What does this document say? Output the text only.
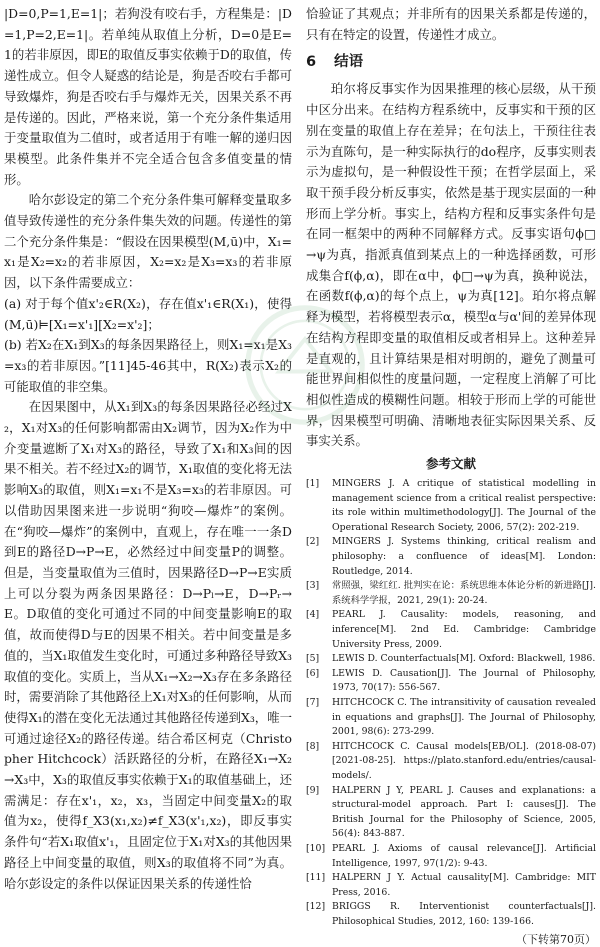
|D=0,P=1,E=1|；若狗没有咬右手，方程集是：|D=1,P=2,E=1|。若单纯从取值上分析，D=0是E=1的若非原因，即E的取值反事实依赖于D的取值，传递性成立。但令人疑惑的结论是，狗是否咬右手都可导致爆炸，狗是否咬右手与爆炸无关，因果关系不再是传递的。因此，严格来说，第一个充分条件集适用于变量取值为二值时，或者适用于有唯一解的递归因果模型。此条件集并不完全适合包含多值变量的情形。

哈尔彭设定的第二个充分条件集可解释变量取多值导致传递性的充分条件集失效的问题。传递性的第二个充分条件集是：“假设在因果模型(M,ū)中，X₁=x₁是X₂=x₂的若非原因，X₂=x₂是X₃=x₃的若非原因，以下条件需要成立：

(a) 对于每个值x'₂∈R(X₂)，存在值x'₁∈R(X₁)，使得(M,ū)⊨[X₁=x'₁][X₂=x'₂]；

(b) 若X₂在X₁到X₃的每条因果路径上，则X₁=x₁是X₃=x₃的若非原因。”[11]45-46其中，R(X₂)表示X₂的可能取值的非空集。

在因果图中，从X₁到X₃的每条因果路径必经过X₂，X₁对X₃的任何影响都需由X₂调节，因为X₂作为中介变量遮断了X₁对X₃的路径，导致了X₁和X₃间的因果不相关。若不经过X₂的调节，X₁取值的变化将无法影响X₃的取值，则X₁=x₁不是X₃=x₃的若非原因。可以借助因果图来进一步说明“狗咬—爆炸”的案例。在“狗咬—爆炸”的案例中，直观上，存在唯一一条D到E的路径D→P→E，必然经过中间变量P的调整。但是，当变量取值为三值时，因果路径D→P→E实质上可以分裂为两条因果路径：D→Pₗ→E，D→Pᵣ→E。D取值的变化可通过不同的中间变量影响E的取值，故而使得D与E的因果不相关。若中间变量是多值的，当X₁取值发生变化时，可通过多种路径导致X₃取值的变化。实质上，当从X₁→X₂→X₃存在多条路径时，需要消除了其他路径上X₁对X₃的任何影响，从而使得X₁的潜在变化无法通过其他路径传递到X₃，唯一可通过途径X₂的路径传递。结合希区柯克（Christopher Hitchcock）活跃路径的分析，在路径X₁→X₂→X₃中，X₃的取值反事实依赖于X₁的取值基础上，还需满足：存在x'₁，x₂，x₃，当固定中间变量X₂的取值为x₂，使得f_X3(x₁,x₂)≠f_X3(x'₁,x₂)，即反事实条件句“若X₁取值x'₁，且固定位于X₁对X₃的其他因果路径上中间变量的取值，则X₃的取值将不同”为真。哈尔彭设定的条件以保证因果关系的传递性恰

恰验证了其观点；并非所有的因果关系都是传递的，只有在特定的设置，传递性才成立。

6 结语

珀尔将反事实作为因果推理的核心层级，从干预中区分出来。在结构方程系统中，反事实和干预的区别在变量的取值上存在差异；在句法上，干预往往表示为直陈句，是一种实际执行的do程序，反事实则表示为虚拟句，是一种假设性干预；在哲学层面上，采取干预手段分析反事实，依然是基于现实层面的一种形而上学分析。事实上，结构方程和反事实条件句是在同一框架中的两种不同解释方式。反事实语句ϕ□→ψ为真，指派真值到某点上的一种选择函数，可形成集合f(ϕ,α)，即在α中，ϕ□→ψ为真，换种说法，在函数f(ϕ,α)的每个点上，ψ为真[12]。珀尔将点解释为模型，若将模型表示α，模型α与α'间的差异体现在结构方程即变量的取值相反或者相异上。这种差异是直观的，且计算结果是相对明朗的，避免了测量可能世界间相似性的度量问题，一定程度上消解了可比相似性造成的模糊性问题。相较于形而上学的可能世界，因果模型可明确、清晰地表征实际因果关系、反事实关系。

参考文献
[1]	MINGERS J. A critique of statistical modelling in management science from a critical realist perspective: its role within multimethodology[J]. The Journal of the Operational Research Society, 2006, 57(2): 202-219.
[2]	MINGERS J. Systems thinking, critical realism and philosophy: a confluence of ideas[M]. London: Routledge, 2014.
[3]	常照强，梁红红. 批判实在论：系统思维本体论分析的新进路[J]. 系统科学学报，2021, 29(1): 20-24.
[4]	PEARL J. Causality: models, reasoning, and inference[M]. 2nd Ed. Cambridge: Cambridge University Press, 2009.
[5]	LEWIS D. Counterfactuals[M]. Oxford: Blackwell, 1986.
[6]	LEWIS D. Causation[J]. The Journal of Philosophy, 1973, 70(17): 556-567.
[7]	HITCHCOCK C. The intransitivity of causation revealed in equations and graphs[J]. The Journal of Philosophy, 2001, 98(6): 273-299.
[8]	HITCHCOCK C. Causal models[EB/OL]. (2018-08-07)[2021-08-25]. https://plato.stanford.edu/entries/causal-models/.
[9]	HALPERN J Y, PEARL J. Causes and explanations: a structural-model approach. Part I: causes[J]. The British Journal for the Philosophy of Science, 2005, 56(4): 843-887.
[10] PEARL J. Axioms of causal relevance[J]. Artificial Intelligence, 1997, 97(1/2): 9-43.
[11] HALPERN J Y. Actual causality[M]. Cambridge: MIT Press, 2016.
[12] BRIGGS R. Interventionist counterfactuals[J]. Philosophical Studies, 2012, 160: 139-166.
（下转第70页）
